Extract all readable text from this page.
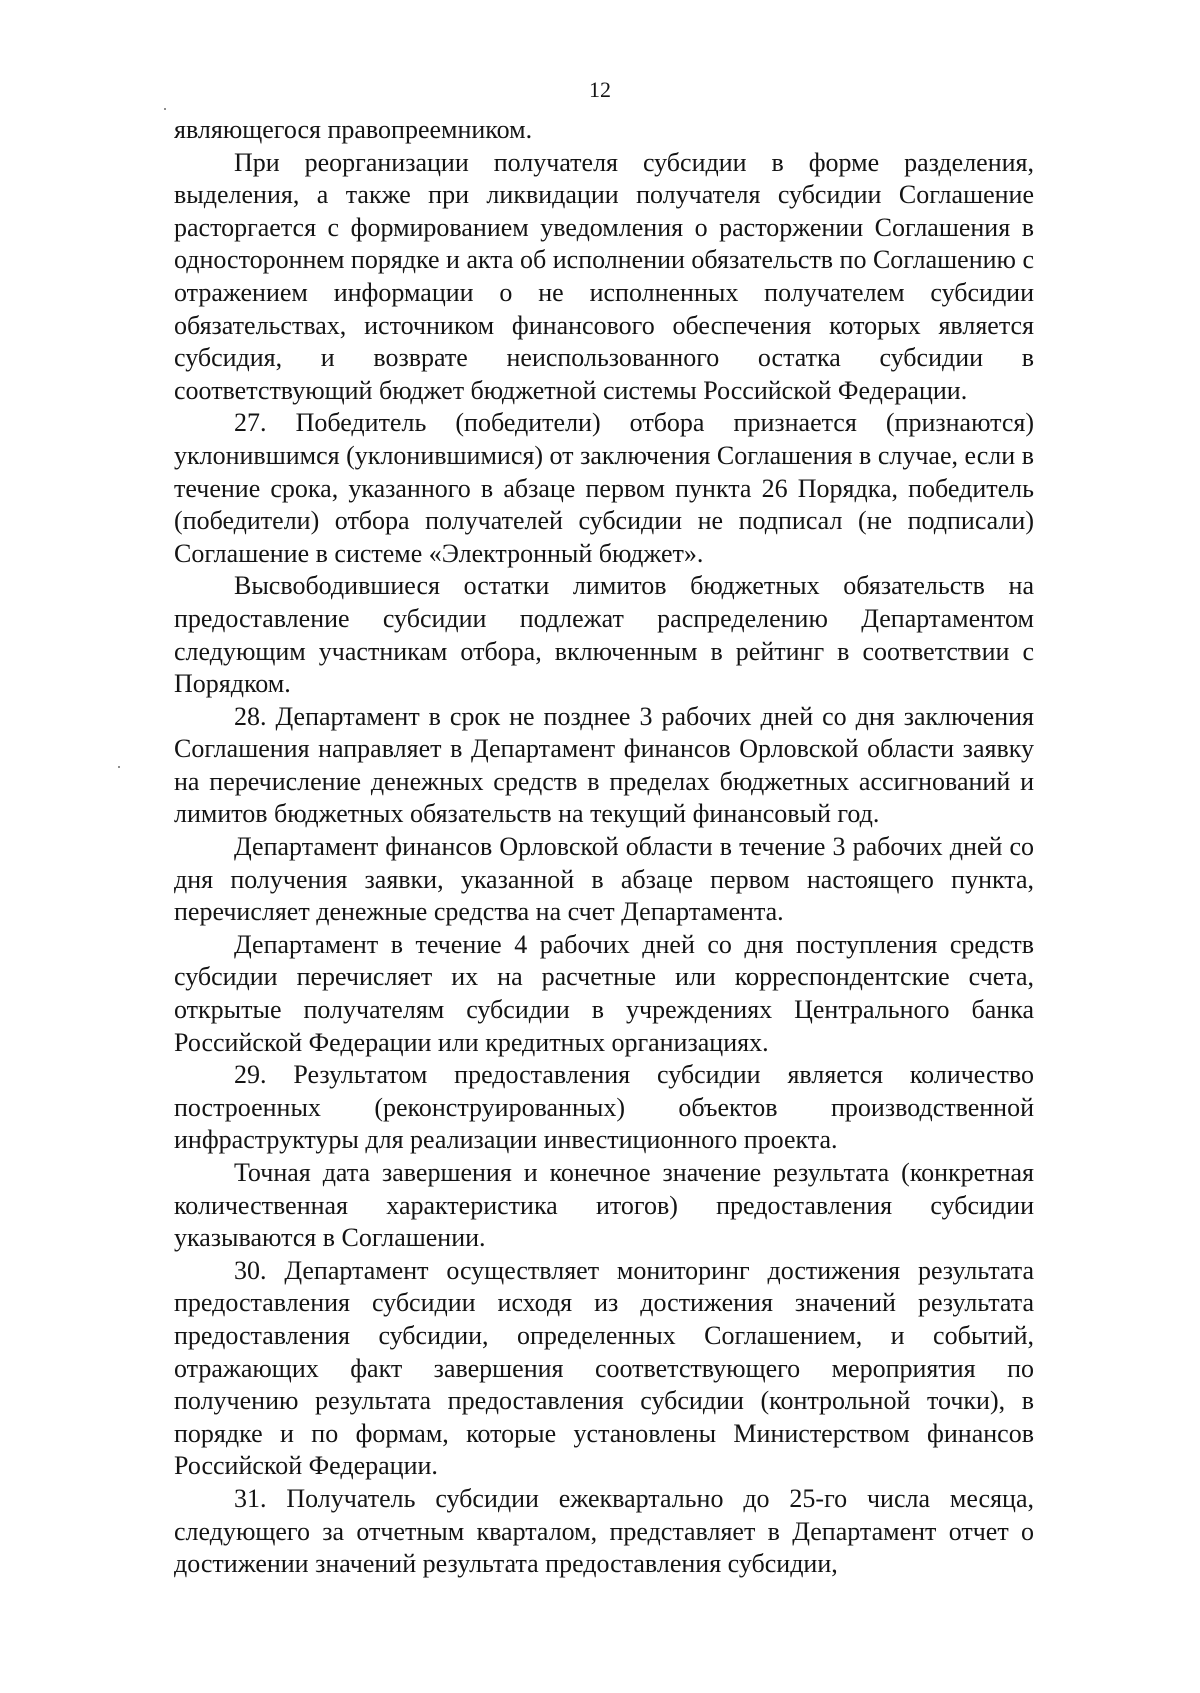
12

являющегося правопреемником.

При реорганизации получателя субсидии в форме разделения, выделения, а также при ликвидации получателя субсидии Соглашение расторгается с формированием уведомления о расторжении Соглашения в одностороннем порядке и акта об исполнении обязательств по Соглашению с отражением информации о не исполненных получателем субсидии обязательствах, источником финансового обеспечения которых является субсидия, и возврате неиспользованного остатка субсидии в соответствующий бюджет бюджетной системы Российской Федерации.

27. Победитель (победители) отбора признается (признаются) уклонившимся (уклонившимися) от заключения Соглашения в случае, если в течение срока, указанного в абзаце первом пункта 26 Порядка, победитель (победители) отбора получателей субсидии не подписал (не подписали) Соглашение в системе «Электронный бюджет».

Высвободившиеся остатки лимитов бюджетных обязательств на предоставление субсидии подлежат распределению Департаментом следующим участникам отбора, включенным в рейтинг в соответствии с Порядком.

28. Департамент в срок не позднее 3 рабочих дней со дня заключения Соглашения направляет в Департамент финансов Орловской области заявку на перечисление денежных средств в пределах бюджетных ассигнований и лимитов бюджетных обязательств на текущий финансовый год.

Департамент финансов Орловской области в течение 3 рабочих дней со дня получения заявки, указанной в абзаце первом настоящего пункта, перечисляет денежные средства на счет Департамента.

Департамент в течение 4 рабочих дней со дня поступления средств субсидии перечисляет их на расчетные или корреспондентские счета, открытые получателям субсидии в учреждениях Центрального банка Российской Федерации или кредитных организациях.

29. Результатом предоставления субсидии является количество построенных (реконструированных) объектов производственной инфраструктуры для реализации инвестиционного проекта.

Точная дата завершения и конечное значение результата (конкретная количественная характеристика итогов) предоставления субсидии указываются в Соглашении.

30. Департамент осуществляет мониторинг достижения результата предоставления субсидии исходя из достижения значений результата предоставления субсидии, определенных Соглашением, и событий, отражающих факт завершения соответствующего мероприятия по получению результата предоставления субсидии (контрольной точки), в порядке и по формам, которые установлены Министерством финансов Российской Федерации.

31. Получатель субсидии ежеквартально до 25-го числа месяца, следующего за отчетным кварталом, представляет в Департамент отчет о достижении значений результата предоставления субсидии,
